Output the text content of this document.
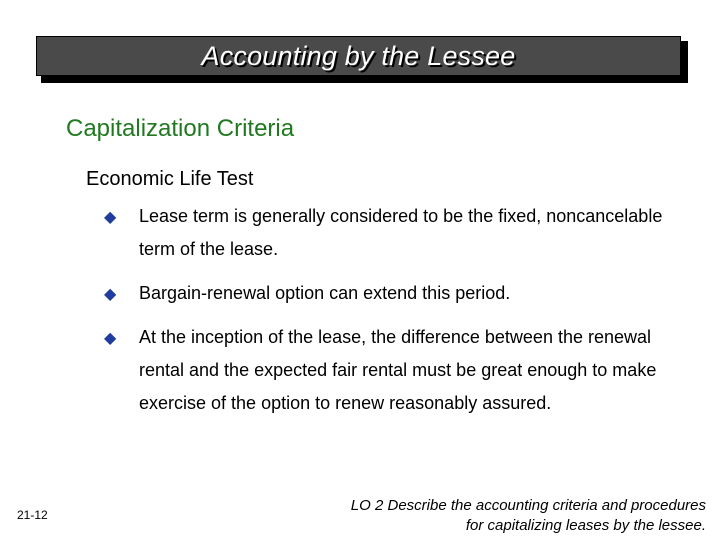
Accounting by the Lessee
Capitalization Criteria
Economic Life Test
◆ Lease term is generally considered to be the fixed, noncancelable term of the lease.
◆ Bargain-renewal option can extend this period.
◆ At the inception of the lease, the difference between the renewal rental and the expected fair rental must be great enough to make exercise of the option to renew reasonably assured.
21-12
LO 2 Describe the accounting criteria and procedures
for capitalizing leases by the lessee.
